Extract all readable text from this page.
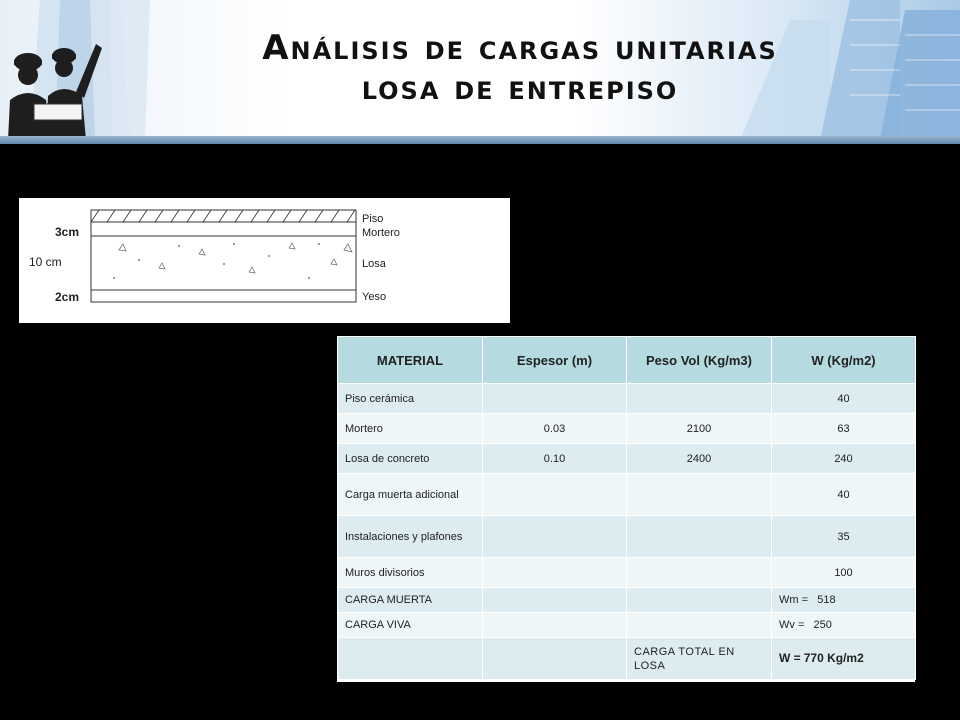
Análisis de cargas unitarias
losa de entrepiso
3cm
10 cm
2cm
Piso
Mortero
Losa
Yeso
MATERIAL	Espesor (m)	Peso Vol (Kg/m3)	W (Kg/m2)
Piso cerámica			40
Mortero	0.03	2100	63
Losa de concreto	0.10	2400	240
Carga muerta adicional			40
Instalaciones y plafones			35
Muros divisorios			100
CARGA MUERTA			Wm = 518
CARGA VIVA			Wv = 250
		CARGA TOTAL EN LOSA	W = 770 Kg/m2
